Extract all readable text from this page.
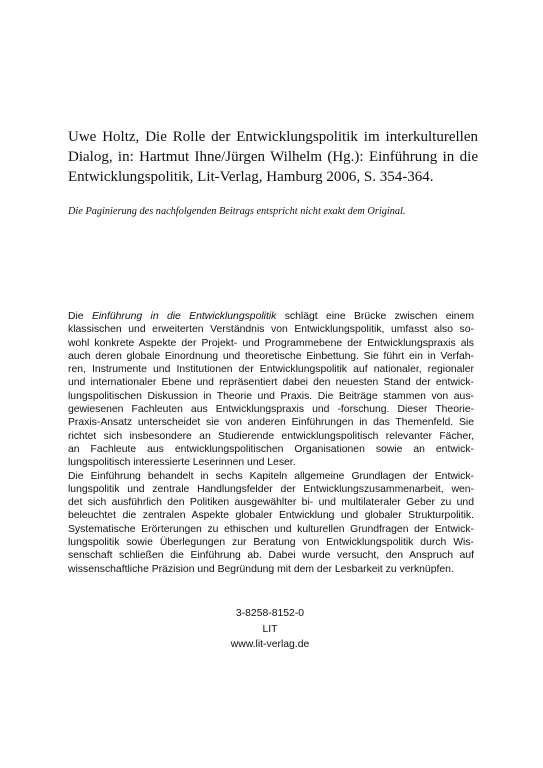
Uwe Holtz, Die Rolle der Entwicklungspolitik im interkulturellen
Dialog, in: Hartmut Ihne/Jürgen Wilhelm (Hg.): Einführung in die
Entwicklungspolitik, Lit-Verlag, Hamburg 2006, S. 354-364.

Die Paginierung des nachfolgenden Beitrags entspricht nicht exakt dem Original.

Die Einführung in die Entwicklungspolitik schlägt eine Brücke zwischen einem
klassischen und erweiterten Verständnis von Entwicklungspolitik, umfasst also so-
wohl konkrete Aspekte der Projekt- und Programmebene der Entwicklungspraxis als
auch deren globale Einordnung und theoretische Einbettung. Sie führt ein in Verfah-
ren, Instrumente und Institutionen der Entwicklungspolitik auf nationaler, regionaler
und internationaler Ebene und repräsentiert dabei den neuesten Stand der entwick-
lungspolitischen Diskussion in Theorie und Praxis. Die Beiträge stammen von aus-
gewiesenen Fachleuten aus Entwicklungspraxis und -forschung. Dieser Theorie-
Praxis-Ansatz unterscheidet sie von anderen Einführungen in das Themenfeld. Sie
richtet sich insbesondere an Studierende entwicklungspolitisch relevanter Fächer,
an Fachleute aus entwicklungspolitischen Organisationen sowie an entwick-
lungspolitisch interessierte Leserinnen und Leser.
Die Einführung behandelt in sechs Kapiteln allgemeine Grundlagen der Entwick-
lungspolitik und zentrale Handlungsfelder der Entwicklungszusammenarbeit, wen-
det sich ausführlich den Politiken ausgewählter bi- und multilateraler Geber zu und
beleuchtet die zentralen Aspekte globaler Entwicklung und globaler Strukturpolitik.
Systematische Erörterungen zu ethischen und kulturellen Grundfragen der Entwick-
lungspolitik sowie Überlegungen zur Beratung von Entwicklungspolitik durch Wis-
senschaft schließen die Einführung ab. Dabei wurde versucht, den Anspruch auf
wissenschaftliche Präzision und Begründung mit dem der Lesbarkeit zu verknüpfen.
3-8258-8152-0
LIT
www.lit-verlag.de
